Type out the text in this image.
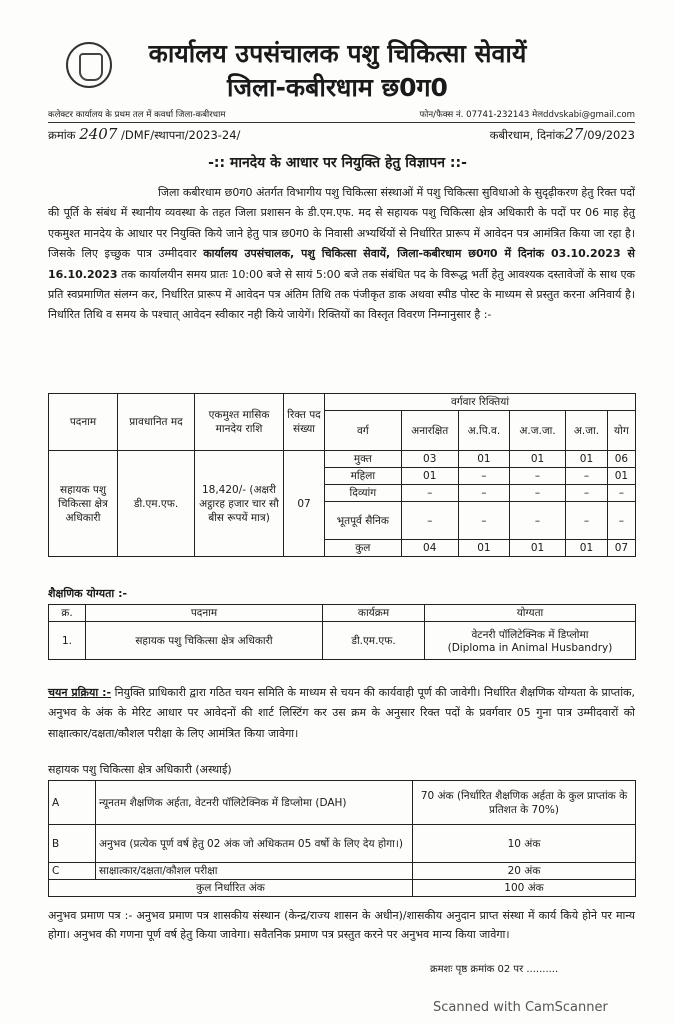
कार्यालय उपसंचालक पशु चिकित्सा सेवायें
जिला-कबीरधाम छ0ग0
कलेक्टर कार्यालय के प्रथम तल में कवर्धा जिला-कबीरधाम	फोन/फैक्स नं. 07741-232143 मेलddvskabi@gmail.com
क्रमांक 2407 /DMF/स्थापना/2023-24/	कबीरधाम, दिनांक27/09/2023
-:: मानदेय के आधार पर नियुक्ति हेतु विज्ञापन ::-
जिला कबीरधाम छ0ग0 अंतर्गत विभागीय पशु चिकित्सा संस्थाओं में पशु चिकित्सा सुविधाओ के सुदृढ़ीकरण हेतु रिक्त पदों की पूर्ति के संबंध में स्थानीय व्यवस्था के तहत जिला प्रशासन के डी.एम.एफ. मद से सहायक पशु चिकित्सा क्षेत्र अधिकारी के पदों पर 06 माह हेतु एकमुश्त मानदेय के आधार पर नियुक्ति किये जाने हेतु पात्र छ0ग0 के निवासी अभ्यर्थियों से निर्धारित प्रारूप में आवेदन पत्र आमंत्रित किया जा रहा है। जिसके लिए इच्छुक पात्र उम्मीदवार कार्यालय उपसंचालक, पशु चिकित्सा सेवायें, जिला-कबीरधाम छ0ग0 में दिनांक 03.10.2023 से 16.10.2023 तक कार्यालयीन समय प्रातः 10:00 बजे से सायं 5:00 बजे तक संबंधित पद के विरूद्ध भर्ती हेतु आवश्यक दस्तावेजों के साथ एक प्रति स्वप्रमाणित संलग्न कर, निर्धारित प्रारूप में आवेदन पत्र अंतिम तिथि तक पंजीकृत डाक अथवा स्पीड पोस्ट के माध्यम से प्रस्तुत करना अनिवार्य है। निर्धारित तिथि व समय के पश्चात् आवेदन स्वीकार नही किये जायेगें। रिक्तियों का विस्तृत विवरण निम्नानुसार है :-
पदनाम	प्रावधानित मद	एकमुश्त मासिक मानदेय राशि	रिक्त पद संख्या	वर्गवार रिक्तियां					
				वर्ग	अनारक्षित	अ.पि.व.	अ.ज.जा.	अ.जा.	योग
सहायक पशु चिकित्सा क्षेत्र अधिकारी	डी.एम.एफ.	18,420/- (अक्षरी अट्ठारह हजार चार सौ बीस रूपयें मात्र)	07	मुक्त	03	01	01	01	06
				महिला	01	–	–	–	01
				दिव्यांग	–	–	–	–	–
				भूतपूर्व सैनिक	–	–	–	–	–
				कुल	04	01	01	01	07
शैक्षणिक योग्यता :-
क्र.	पदनाम	कार्यक्रम	योग्यता
1.	सहायक पशु चिकित्सा क्षेत्र अधिकारी	डी.एम.एफ.	वेटनरी पॉलिटेक्निक में डिप्लोमा
(Diploma in Animal Husbandry)
चयन प्रक्रिया :- नियुक्ति प्राधिकारी द्वारा गठित चयन समिति के माध्यम से चयन की कार्यवाही पूर्ण की जावेगी। निर्धारित शैक्षणिक योग्यता के प्राप्तांक, अनुभव के अंक के मेरिट आधार पर आवेदनों की शार्ट लिस्टिंग कर उस क्रम के अनुसार रिक्त पदों के प्रवर्गवार 05 गुना पात्र उम्मीदवारों को साक्षात्कार/दक्षता/कौशल परीक्षा के लिए आमंत्रित किया जावेगा।
सहायक पशु चिकित्सा क्षेत्र अधिकारी (अस्थाई)
A	न्यूनतम शैक्षणिक अर्हता, वेटनरी पॉलिटेक्निक में डिप्लोमा (DAH)	70 अंक (निर्धारित शैक्षणिक अर्हता के कुल प्राप्तांक के प्रतिशत के 70%)
B	अनुभव (प्रत्येक पूर्ण वर्ष हेतु 02 अंक जो अधिकतम 05 वर्षो के लिए देय होगा।)	10 अंक
C	साक्षात्कार/दक्षता/कौशल परीक्षा	20 अंक
कुल निर्धारित अंक		100 अंक
अनुभव प्रमाण पत्र :- अनुभव प्रमाण पत्र शासकीय संस्थान (केन्द्र/राज्य शासन के अधीन)/शासकीय अनुदान प्राप्त संस्था में कार्य किये होने पर मान्य होगा। अनुभव की गणना पूर्ण वर्ष हेतु किया जावेगा। सवैतनिक प्रमाण पत्र प्रस्तुत करने पर अनुभव मान्य किया जावेगा।
क्रमशः पृष्ठ क्रमांक 02 पर ..........
Scanned with CamScanner
